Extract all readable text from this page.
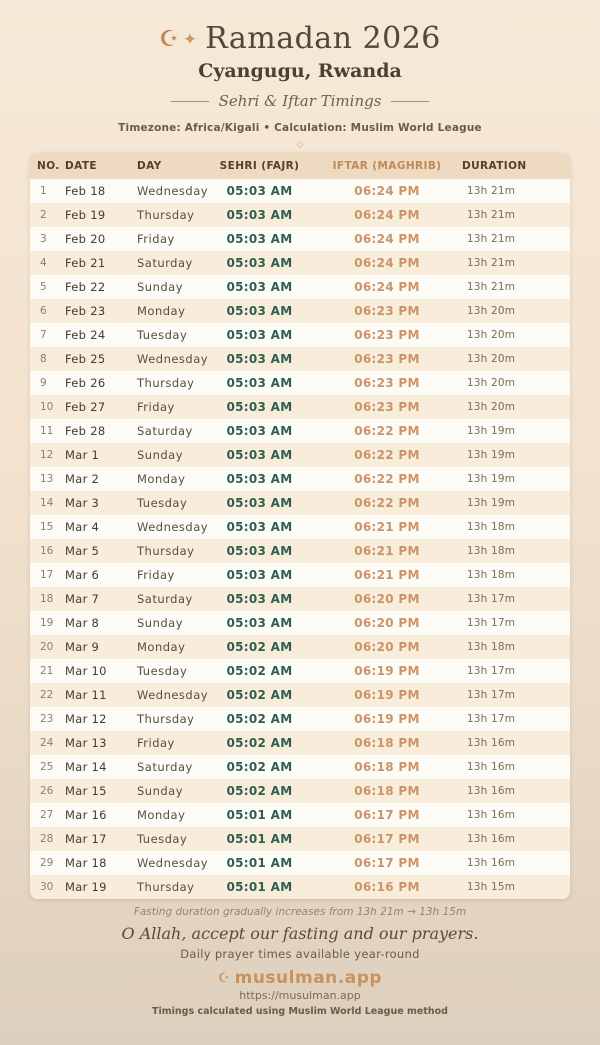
☪ ✦ Ramadan 2026
Cyangugu, Rwanda
Sehri & Iftar Timings
Timezone: Africa/Kigali • Calculation: Muslim World League
◇
NO. DATE	DAY	SEHRI (FAJR)	IFTAR (MAGHRIB)	DURATION
1	Feb 18	Wednesday	05:03 AM	06:24 PM	13h 21m
2	Feb 19	Thursday	05:03 AM	06:24 PM	13h 21m
3	Feb 20	Friday	05:03 AM	06:24 PM	13h 21m
4	Feb 21	Saturday	05:03 AM	06:24 PM	13h 21m
5	Feb 22	Sunday	05:03 AM	06:24 PM	13h 21m
6	Feb 23	Monday	05:03 AM	06:23 PM	13h 20m
7	Feb 24	Tuesday	05:03 AM	06:23 PM	13h 20m
8	Feb 25	Wednesday	05:03 AM	06:23 PM	13h 20m
9	Feb 26	Thursday	05:03 AM	06:23 PM	13h 20m
10	Feb 27	Friday	05:03 AM	06:23 PM	13h 20m
11	Feb 28	Saturday	05:03 AM	06:22 PM	13h 19m
12	Mar 1	Sunday	05:03 AM	06:22 PM	13h 19m
13	Mar 2	Monday	05:03 AM	06:22 PM	13h 19m
14	Mar 3	Tuesday	05:03 AM	06:22 PM	13h 19m
15	Mar 4	Wednesday	05:03 AM	06:21 PM	13h 18m
16	Mar 5	Thursday	05:03 AM	06:21 PM	13h 18m
17	Mar 6	Friday	05:03 AM	06:21 PM	13h 18m
18	Mar 7	Saturday	05:03 AM	06:20 PM	13h 17m
19	Mar 8	Sunday	05:03 AM	06:20 PM	13h 17m
20	Mar 9	Monday	05:02 AM	06:20 PM	13h 18m
21	Mar 10	Tuesday	05:02 AM	06:19 PM	13h 17m
22	Mar 11	Wednesday	05:02 AM	06:19 PM	13h 17m
23	Mar 12	Thursday	05:02 AM	06:19 PM	13h 17m
24	Mar 13	Friday	05:02 AM	06:18 PM	13h 16m
25	Mar 14	Saturday	05:02 AM	06:18 PM	13h 16m
26	Mar 15	Sunday	05:02 AM	06:18 PM	13h 16m
27	Mar 16	Monday	05:01 AM	06:17 PM	13h 16m
28	Mar 17	Tuesday	05:01 AM	06:17 PM	13h 16m
29	Mar 18	Wednesday	05:01 AM	06:17 PM	13h 16m
30	Mar 19	Thursday	05:01 AM	06:16 PM	13h 15m
Fasting duration gradually increases from 13h 21m → 13h 15m
O Allah, accept our fasting and our prayers.
Daily prayer times available year-round
☪ musulman.app
https://musulman.app
Timings calculated using Muslim World League method
